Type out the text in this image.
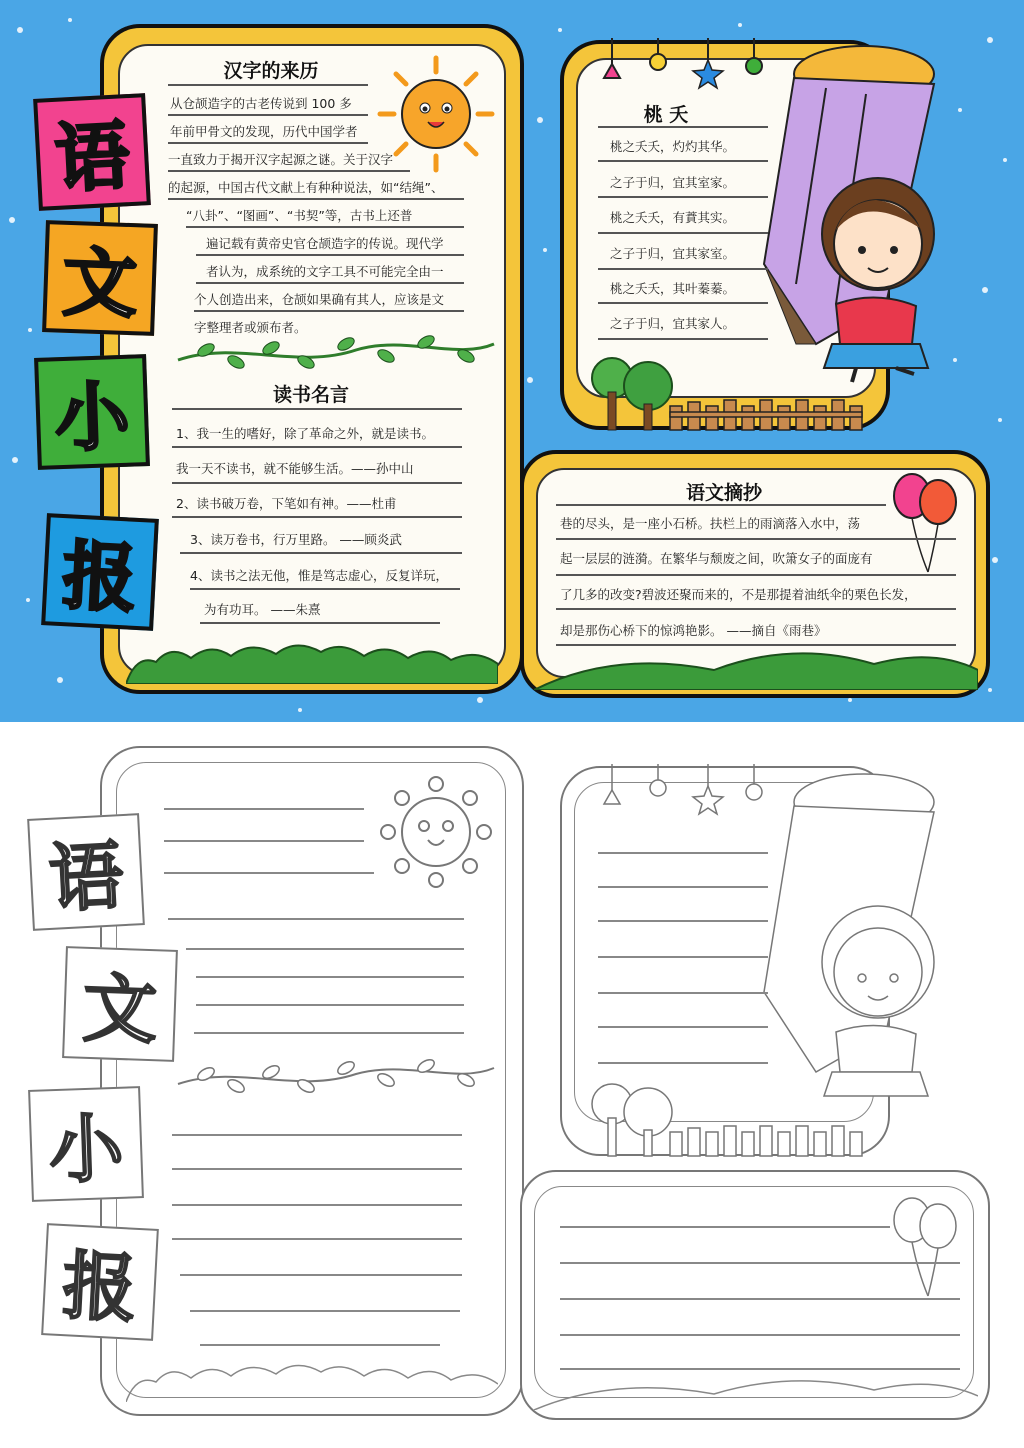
汉字的来历
从仓颉造字的古老传说到 100 多
年前甲骨文的发现，历代中国学者
一直致力于揭开汉字起源之谜。关于汉字
的起源，中国古代文献上有种种说法，如“结绳”、
“八卦”、“图画”、“书契”等，古书上还普
遍记载有黄帝史官仓颉造字的传说。现代学
者认为，成系统的文字工具不可能完全由一
个人创造出来，仓颉如果确有其人，应该是文
字整理者或颁布者。
读书名言
1、我一生的嗜好，除了革命之外，就是读书。
我一天不读书，就不能够生活。——孙中山
2、读书破万卷，下笔如有神。——杜甫
3、读万卷书，行万里路。 ——顾炎武
4、读书之法无他，惟是笃志虚心，反复详玩，
为有功耳。 ——朱熹
语
文
小
报
桃 夭
桃之夭夭，灼灼其华。
之子于归，宜其室家。
桃之夭夭，有蕡其实。
之子于归，宜其家室。
桃之夭夭，其叶蓁蓁。
之子于归，宜其家人。
语文摘抄
巷的尽头，是一座小石桥。扶栏上的雨滴落入水中，荡
起一层层的涟漪。在繁华与颓废之间，吹箫女子的面庞有
了几多的改变?碧波还聚而来的，不是那提着油纸伞的栗色长发，
却是那伤心桥下的惊鸿艳影。 ——摘自《雨巷》
语
文
小
报
